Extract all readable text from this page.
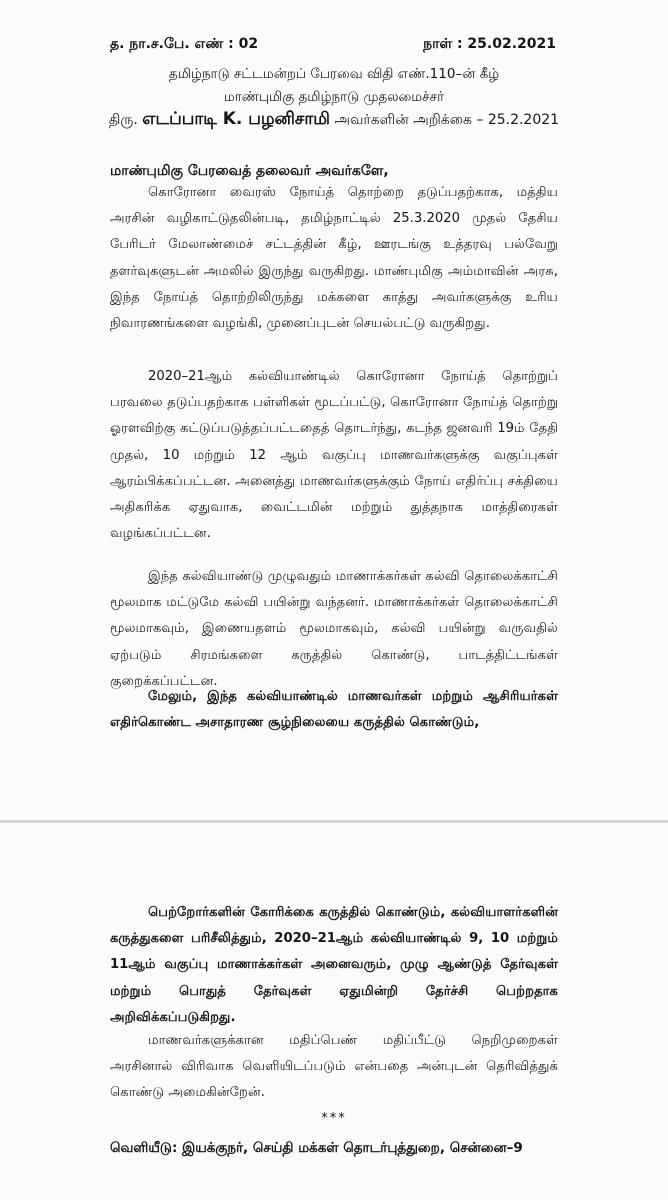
த. நா.ச.பே. எண் : 02	நாள் : 25.02.2021
தமிழ்நாடு சட்டமன்றப் பேரவை விதி எண்.110–ன் கீழ்
மாண்புமிகு தமிழ்நாடு முதலமைச்சர்
திரு. எடப்பாடி K. பழனிசாமி அவர்களின் அறிக்கை – 25.2.2021
மாண்புமிகு பேரவைத் தலைவர் அவர்களே,
கொரோனா வைரஸ் நோய்த் தொற்றை தடுப்பதற்காக, மத்திய அரசின் வழிகாட்டுதலின்படி, தமிழ்நாட்டில் 25.3.2020 முதல் தேசிய பேரிடர் மேலாண்மைச் சட்டத்தின் கீழ், ஊரடங்கு உத்தரவு பல்வேறு தளர்வுகளுடன் அமலில் இருந்து வருகிறது. மாண்புமிகு அம்மாவின் அரசு, இந்த நோய்த் தொற்றிலிருந்து மக்களை காத்து அவர்களுக்கு உரிய நிவாரணங்களை வழங்கி, முனைப்புடன் செயல்பட்டு வருகிறது.
2020–21ஆம் கல்வியாண்டில் கொரோனா நோய்த் தொற்றுப் பரவலை தடுப்பதற்காக பள்ளிகள் மூடப்பட்டு, கொரோனா நோய்த் தொற்று ஓரளவிற்கு கட்டுப்படுத்தப்பட்டதைத் தொடர்ந்து, கடந்த ஜனவரி 19ம் தேதி முதல், 10 மற்றும் 12 ஆம் வகுப்பு மாணவர்களுக்கு வகுப்புகள் ஆரம்பிக்கப்பட்டன. அனைத்து மாணவர்களுக்கும் நோய் எதிர்ப்பு சக்தியை அதிகரிக்க ஏதுவாக, வைட்டமின் மற்றும் துத்தநாக மாத்திரைகள் வழங்கப்பட்டன.
இந்த கல்வியாண்டு முழுவதும் மாணாக்கர்கள் கல்வி தொலைக்காட்சி மூலமாக மட்டுமே கல்வி பயின்று வந்தனர். மாணாக்கர்கள் தொலைக்காட்சி மூலமாகவும், இணையதளம் மூலமாகவும், கல்வி பயின்று வருவதில் ஏற்படும் சிரமங்களை கருத்தில் கொண்டு, பாடத்திட்டங்கள் குறைக்கப்பட்டன.
மேலும், இந்த கல்வியாண்டில் மாணவர்கள் மற்றும் ஆசிரியர்கள் எதிர்கொண்ட அசாதாரண சூழ்நிலையை கருத்தில் கொண்டும்,
பெற்றோர்களின் கோரிக்கை கருத்தில் கொண்டும், கல்வியாளர்களின் கருத்துகளை பரிசீலித்தும், 2020–21ஆம் கல்வியாண்டில் 9, 10 மற்றும் 11ஆம் வகுப்பு மாணாக்கர்கள் அனைவரும், முழு ஆண்டுத் தேர்வுகள் மற்றும் பொதுத் தேர்வுகள் ஏதுமின்றி தேர்ச்சி பெற்றதாக அறிவிக்கப்படுகிறது.
மாணவர்களுக்கான மதிப்பெண் மதிப்பீட்டு நெறிமுறைகள் அரசினால் விரிவாக வெளியிடப்படும் என்பதை அன்புடன் தெரிவித்துக் கொண்டு அமைகின்றேன்.
***
வெளியீடு: இயக்குநர், செய்தி மக்கள் தொடர்புத்துறை, சென்னை–9
